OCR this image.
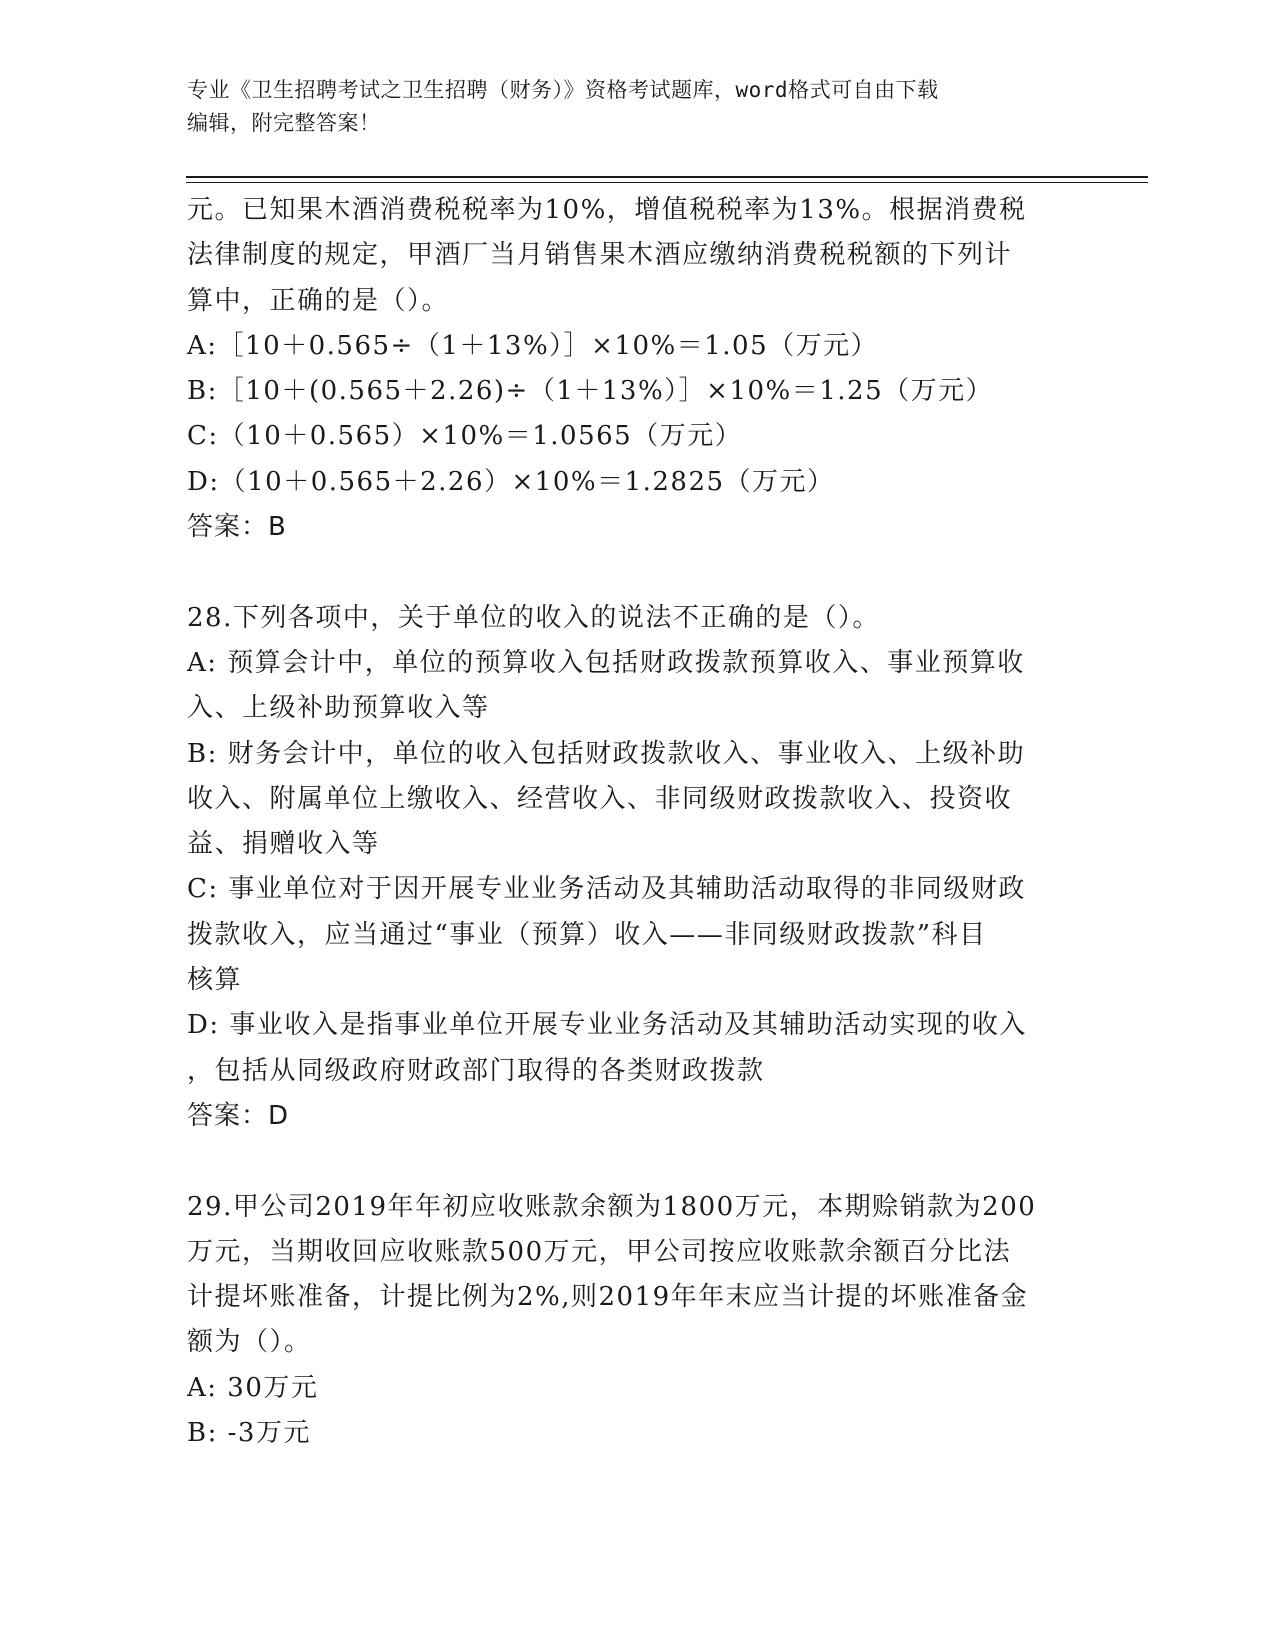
专业《卫生招聘考试之卫生招聘（财务）》资格考试题库，word格式可自由下载
编辑，附完整答案！
元。已知果木酒消费税税率为10%，增值税税率为13%。根据消费税
法律制度的规定，甲酒厂当月销售果木酒应缴纳消费税税额的下列计
算中，正确的是（）。
A:［10＋0.565÷（1＋13%）］×10%＝1.05（万元）
B:［10＋(0.565＋2.26)÷（1＋13%）］×10%＝1.25（万元）
C:（10＋0.565）×10%＝1.0565（万元）
D:（10＋0.565＋2.26）×10%＝1.2825（万元）
答案：B
28.下列各项中，关于单位的收入的说法不正确的是（）。
A: 预算会计中，单位的预算收入包括财政拨款预算收入、事业预算收
入、上级补助预算收入等
B: 财务会计中，单位的收入包括财政拨款收入、事业收入、上级补助
收入、附属单位上缴收入、经营收入、非同级财政拨款收入、投资收
益、捐赠收入等
C: 事业单位对于因开展专业业务活动及其辅助活动取得的非同级财政
拨款收入，应当通过“事业（预算）收入——非同级财政拨款”科目
核算
D: 事业收入是指事业单位开展专业业务活动及其辅助活动实现的收入
，包括从同级政府财政部门取得的各类财政拨款
答案：D
29.甲公司2019年年初应收账款余额为1800万元，本期赊销款为200
万元，当期收回应收账款500万元，甲公司按应收账款余额百分比法
计提坏账准备，计提比例为2%,则2019年年末应当计提的坏账准备金
额为（）。
A: 30万元
B: -3万元
